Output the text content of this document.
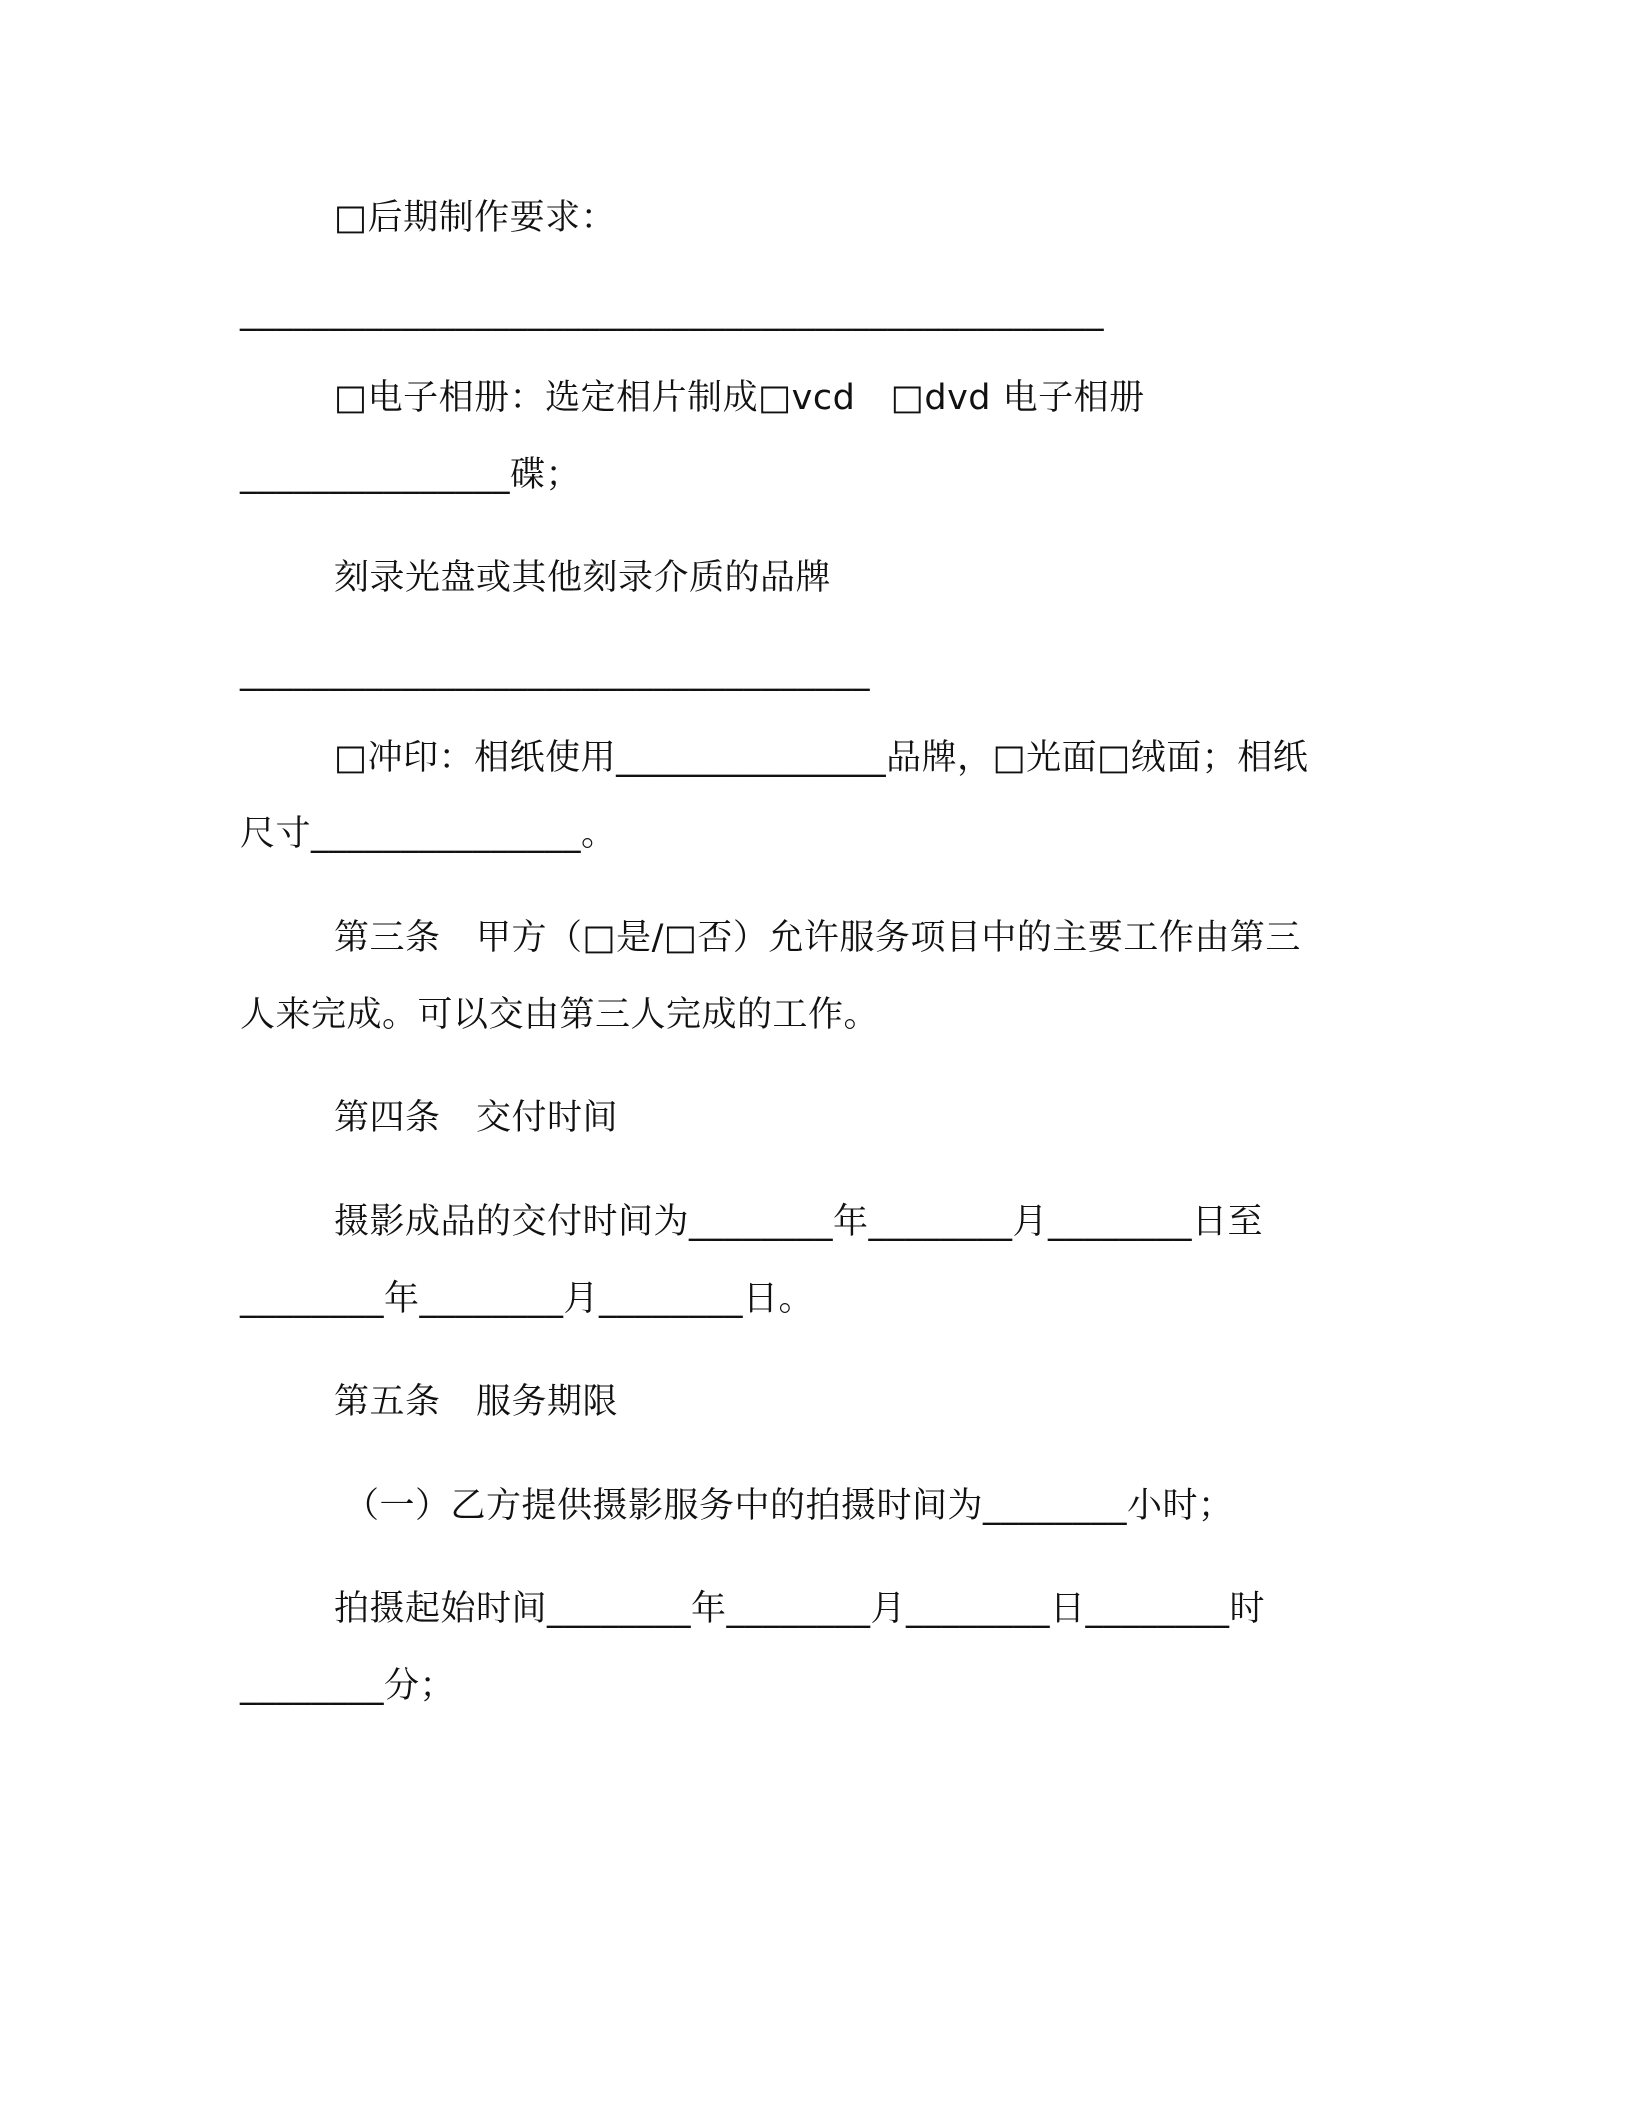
□后期制作要求：
________________________________________________
□电子相册：选定相片制成□vcd　□dvd 电子相册
_______________碟；
刻录光盘或其他刻录介质的品牌
___________________________________
□冲印：相纸使用_______________品牌，□光面□绒面；相纸
尺寸_______________。
第三条　甲方（□是/□否）允许服务项目中的主要工作由第三
人来完成。可以交由第三人完成的工作。
第四条　交付时间
摄影成品的交付时间为________年________月________日至
________年________月________日。
第五条　服务期限
（一）乙方提供摄影服务中的拍摄时间为________小时；
拍摄起始时间________年________月________日________时
________分；
